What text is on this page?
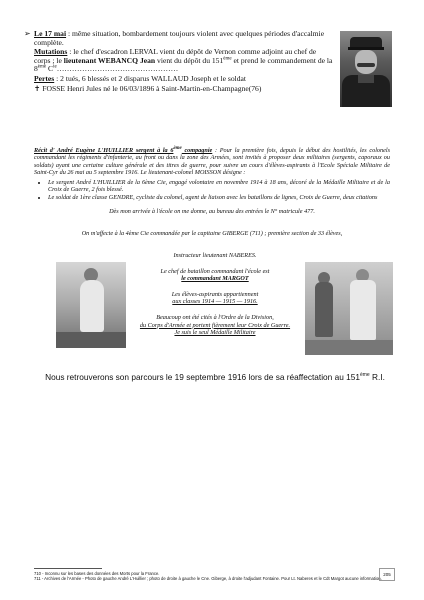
➢ Le 17 mai : même situation, bombardement toujours violent avec quelques périodes d'accalmie complète.

Mutations : le chef d'escadron LERVAL vient du dépôt de Vernon comme adjoint au chef de corps ; le lieutenant WEBANCQ Jean vient du dépôt du 151ème et prend le commandement de la 8ème $C^{ie}\dots\dots\dots\dots\dots\dots\dots\dots\dots\dots\dots\dots\dots\dots\dots\dots$

Pertes : 2 tués, 6 blessés et 2 disparus WALLAUD Joseph et le soldat

✝ FOSSE Henri Jules né le 06/03/1896 à Saint-Martin-en-Champagne(76)

Récit d' André Eugène L'HUILLIER sergent à la 6ème compagnie : Pour la première fois, depuis le début des hostilités, les colonels commandant les régiments d'infanterie, au front ou dans la zone des Armées, sont invités à proposer deux militaires (sergents, caporaux ou soldats) ayant une certaine culture générale et des titres de guerre, pour suivre un cours d'élèves-aspirants à l'Ecole Spéciale Militaire de Saint-Cyr du 26 mai au 5 septembre 1916. Le lieutenant-colonel MOISSON désigne :

• Le sergent André L'HUILLIER de la 6ème Cie, engagé volontaire en novembre 1914 à 18 ans, décoré de la Médaille Militaire et de la Croix de Guerre, 2 fois blessé.
• Le soldat de 1ère classe GENDRE, cycliste du colonel, agent de liaison avec les bataillons de lignes, Croix de Guerre, deux citations
Dès mon arrivée à l'école on me donne, au bureau des entrées le N° matricule 477.
On m'affecte à la 4ème Cie commandée par le capitaine GIBERGE (711) ; première section de 33 élèves,

Instructeur lieutenant NABERES.

Le chef de bataillon commandant l'école est

le commandant MARGOT

Les élèves-aspirants appartiennent

aux classes 1914 — 1915 — 1916.

Beaucoup ont été cités à l'Ordre de la Division,

du Corps d'Armée et portent fièrement leur Croix de Guerre.

Je suis le seul Médaille Militaire

Nous retrouverons son parcours le 19 septembre 1916 lors de sa réaffectation au 151ème R.I.

710 - Inconnu sur les bases des données des Morts pour la France.

711 - Archives de l'Armée - Photo de gauche André L'Huillier ; photo de droite à gauche le Cne. Giberge, à droite l'adjudant Fontaine. Pour Lt. Naberes et le Cdt Margot aucune information.

205
